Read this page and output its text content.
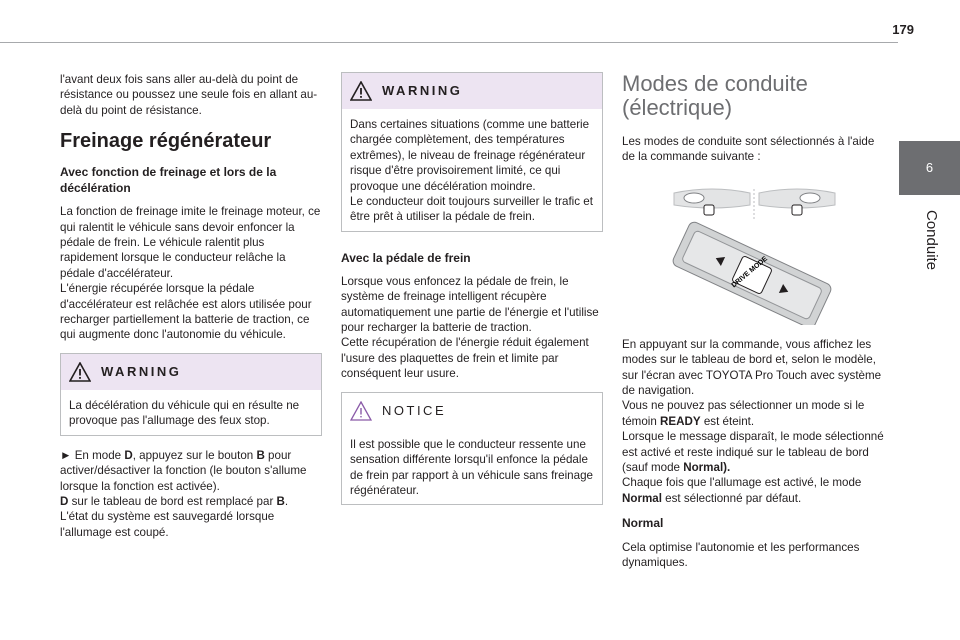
179
6
Conduite

l'avant deux fois sans aller au-delà du point de résistance ou poussez une seule fois en allant au-delà du point de résistance.

Freinage régénérateur
Avec fonction de freinage et lors de la décélération

La fonction de freinage imite le freinage moteur, ce qui ralentit le véhicule sans devoir enfoncer la pédale de frein. Le véhicule ralentit plus rapidement lorsque le conducteur relâche la pédale d'accélérateur.
L'énergie récupérée lorsque la pédale d'accélérateur est relâchée est alors utilisée pour recharger partiellement la batterie de traction, ce qui augmente donc l'autonomie du véhicule.

WARNING

La décélération du véhicule qui en résulte ne provoque pas l'allumage des feux stop.

► En mode D, appuyez sur le bouton B pour activer/désactiver la fonction (le bouton s'allume lorsque la fonction est activée).
D sur le tableau de bord est remplacé par B.
L'état du système est sauvegardé lorsque l'allumage est coupé.

WARNING

Dans certaines situations (comme une batterie chargée complètement, des températures extrêmes), le niveau de freinage régénérateur risque d'être provisoirement limité, ce qui provoque une décélération moindre.
Le conducteur doit toujours surveiller le trafic et être prêt à utiliser la pédale de frein.

Avec la pédale de frein

Lorsque vous enfoncez la pédale de frein, le système de freinage intelligent récupère automatiquement une partie de l'énergie et l'utilise pour recharger la batterie de traction.
Cette récupération de l'énergie réduit également l'usure des plaquettes de frein et limite par conséquent leur usure.

NOTICE

Il est possible que le conducteur ressente une sensation différente lorsqu'il enfonce la pédale de frein par rapport à un véhicule sans freinage régénérateur.

Modes de conduite (électrique)

Les modes de conduite sont sélectionnés à l'aide de la commande suivante :

DRIVE MODE

En appuyant sur la commande, vous affichez les modes sur le tableau de bord et, selon le modèle, sur l'écran avec TOYOTA Pro Touch avec système de navigation.
Vous ne pouvez pas sélectionner un mode si le témoin READY est éteint.
Lorsque le message disparaît, le mode sélectionné est activé et reste indiqué sur le tableau de bord (sauf mode Normal).
Chaque fois que l'allumage est activé, le mode Normal est sélectionné par défaut.

Normal

Cela optimise l'autonomie et les performances dynamiques.
